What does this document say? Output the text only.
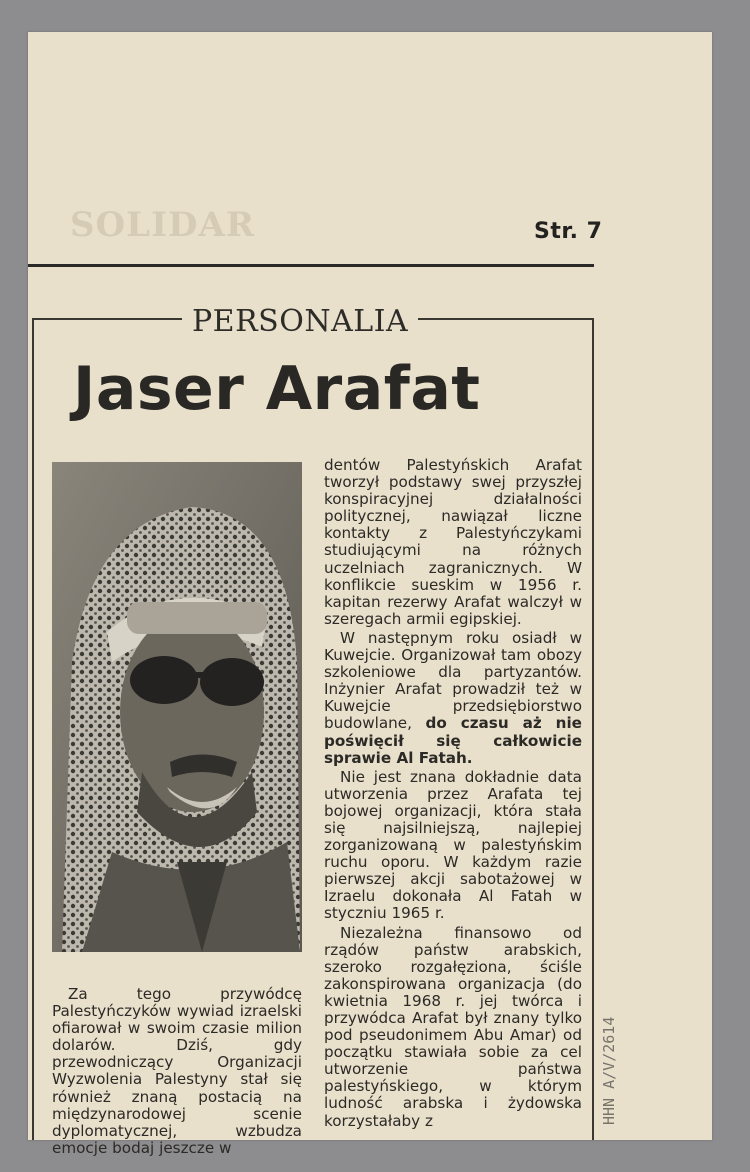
SOLIDAR	Str. 7
PERSONALIA
Jaser Arafat

Za tego przywódcę Palestyńczyków wywiad izraelski ofiarował w swoim czasie milion dolarów. Dziś, gdy przewodniczący Organizacji Wyzwolenia Palestyny stał się również znaną postacią na międzynarodowej scenie dyplomatycznej, wzbudza emocje bodaj jeszcze w

dentów Palestyńskich Arafat tworzył podstawy swej przyszłej konspiracyjnej działalności politycznej, nawiązał liczne kontakty z Palestyńczykami studiującymi na różnych uczelniach zagranicznych. W konflikcie sueskim w 1956 r. kapitan rezerwy Arafat walczył w szeregach armii egipskiej.

W następnym roku osiadł w Kuwejcie. Organizował tam obozy szkoleniowe dla partyzantów. Inżynier Arafat prowadził też w Kuwejcie przedsiębiorstwo budowlane, do czasu aż nie poświęcił się całkowicie sprawie Al Fatah.

Nie jest znana dokładnie data utworzenia przez Arafata tej bojowej organizacji, która stała się najsilniejszą, najlepiej zorganizowaną w palestyńskim ruchu oporu. W każdym razie pierwszej akcji sabotażowej w Izraelu dokonała Al Fatah w styczniu 1965 r.

Niezależna finansowo od rządów państw arabskich, szeroko rozgałęziona, ściśle zakonspirowana organizacja (do kwietnia 1968 r. jej twórca i przywódca Arafat był znany tylko pod pseudonimem Abu Amar) od początku stawiała sobie za cel utworzenie państwa palestyńskiego, w którym ludność arabska i żydowska korzystałaby z	HHN A/V/2614
